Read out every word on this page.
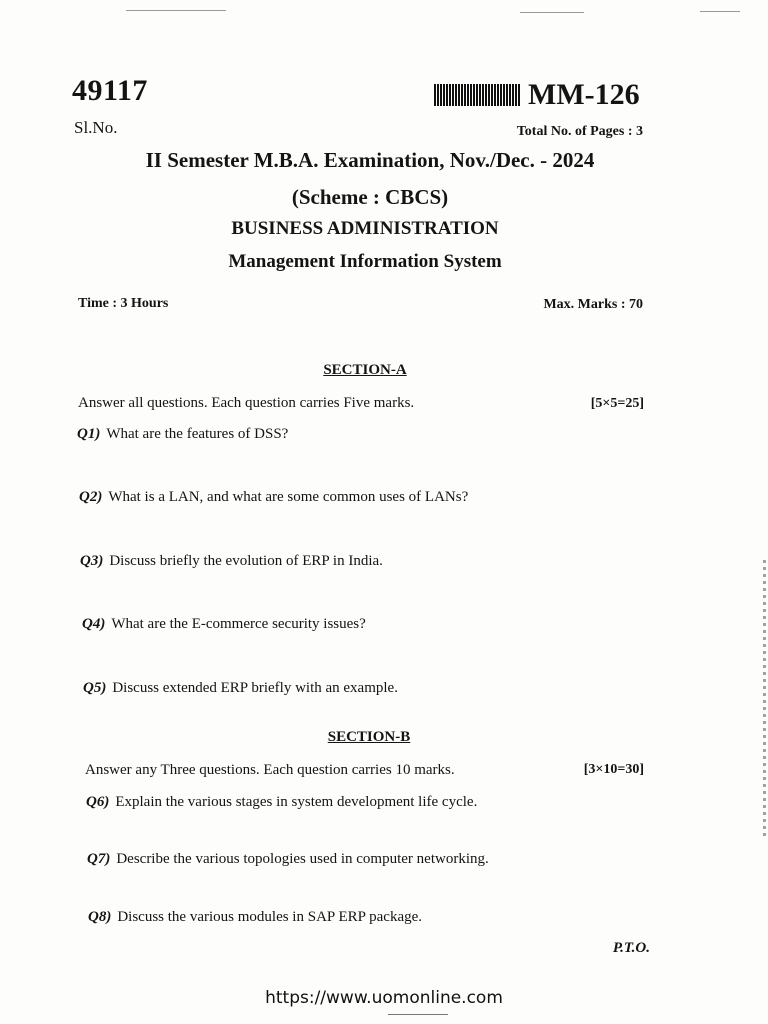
49117	MM-126
Sl.No.	Total No. of Pages : 3
II Semester M.B.A. Examination, Nov./Dec. - 2024
(Scheme : CBCS)
BUSINESS ADMINISTRATION
Management Information System
Time : 3 Hours	Max. Marks : 70
SECTION-A
Answer all questions. Each question carries Five marks.	[5×5=25]
Q1) What are the features of DSS?
Q2) What is a LAN, and what are some common uses of LANs?
Q3) Discuss briefly the evolution of ERP in India.
Q4) What are the E-commerce security issues?
Q5) Discuss extended ERP briefly with an example.
SECTION-B
Answer any Three questions. Each question carries 10 marks.	[3×10=30]
Q6) Explain the various stages in system development life cycle.
Q7) Describe the various topologies used in computer networking.
Q8) Discuss the various modules in SAP ERP package.
P.T.O.
https://www.uomonline.com
